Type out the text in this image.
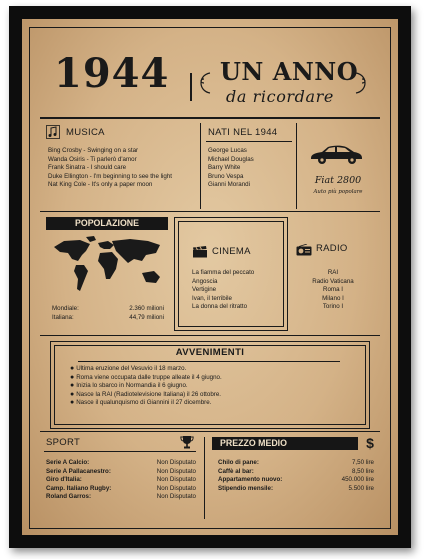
1944 UN ANNO
da ricordare
MUSICA
Bing Crosby - Swinging on a star
Wanda Osiris - Ti parlerò d'amor
Frank Sinatra - I should care
Duke Ellington - I'm beginning to see the light
Nat King Cole - It's only a paper moon
NATI NEL 1944
George Lucas
Michael Douglas
Barry White
Bruno Vespa
Gianni Morandi	Fiat 2800
Auto più popolare
POPOLAZIONE
Mondiale:	2.360 milioni
Italiana:	44,79 milioni
CINEMA
La fiamma del peccato
Angoscia
Vertigine
Ivan, il terribile
La donna del ritratto
RADIO
RAI
Radio Vaticana
Roma I
Milano I
Torino I
AVVENIMENTI
● Ultima eruzione del Vesuvio il 18 marzo.
● Roma viene occupata dalle truppe alleate il 4 giugno.
● Inizia lo sbarco in Normandia il 6 giugno.
● Nasce la RAI (Radiotelevisione Italiana) il 26 ottobre.
● Nasce il qualunquismo di Giannini il 27 dicembre.
SPORT
Serie A Calcio:	Non Disputato
Serie A Pallacanestro:	Non Disputato
Giro d'Italia:	Non Disputato
Camp. Italiano Rugby:	Non Disputato
Roland Garros:	Non Disputato
PREZZO MEDIO	$
Chilo di pane:	7,50 lire
Caffè al bar:	8,50 lire
Appartamento nuovo:	450.000 lire
Stipendio mensile:	5.500 lire
